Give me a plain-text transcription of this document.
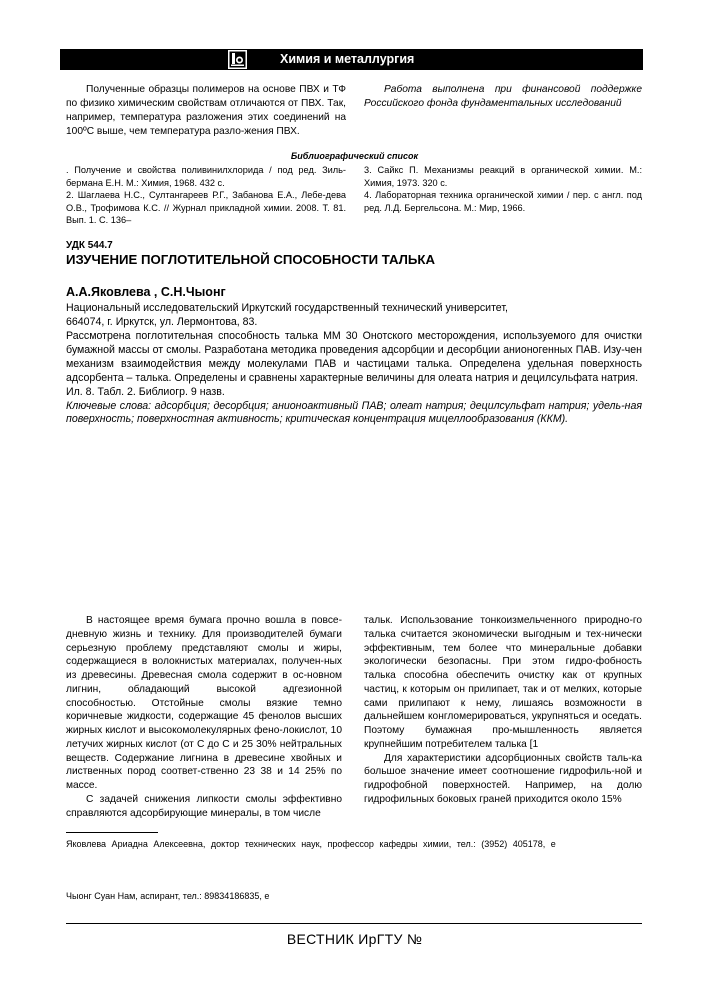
Химия и металлургия

Полученные образцы полимеров на основе ПВХ и ТФ по физико химическим свойствам отличаются от ПВХ. Так, например, температура разложения этих соединений на 100ºС выше, чем температура разло-жения ПВХ.

Работа выполнена при финансовой поддержке Российского фонда фундаментальных исследований

Библиографический список

. Получение и свойства поливинилхлорида / под ред. Зиль-бермана Е.Н. М.: Химия, 1968. 432 с.

2. Шаглаева Н.С., Султангареев Р.Г., Забанова Е.А., Лебе-дева О.В., Трофимова К.С. // Журнал прикладной химии. 2008. Т. 81. Вып. 1. С. 136–

3. Сайкс П. Механизмы реакций в органической химии. М.: Химия, 1973. 320 с.

4. Лабораторная техника органической химии / пер. с англ. под ред. Л.Д. Бергельсона. М.: Мир, 1966.

УДК 544.7
ИЗУЧЕНИЕ ПОГЛОТИТЕЛЬНОЙ СПОСОБНОСТИ ТАЛЬКА
А.А.Яковлева , С.Н.Чыонг

Национальный исследовательский Иркутский государственный технический университет,

664074, г. Иркутск, ул. Лермонтова, 83.

Рассмотрена поглотительная способность талька ММ 30 Онотского месторождения, используемого для очистки бумажной массы от смолы. Разработана методика проведения адсорбции и десорбции анионогенных ПАВ. Изу-чен механизм взаимодействия между молекулами ПАВ и частицами талька. Определена удельная поверхность адсорбента – талька. Определены и сравнены характерные величины для олеата натрия и децилсульфата натрия.

Ил. 8. Табл. 2. Библиогр. 9 назв.

Ключевые слова: адсорбция; десорбция; анионоактивный ПАВ; олеат натрия; децилсульфат натрия; удель-ная поверхность; поверхностная активность; критическая концентрация мицеллообразования (ККМ).

В настоящее время бумага прочно вошла в повсе-дневную жизнь и технику. Для производителей бумаги серьезную проблему представляют смолы и жиры, содержащиеся в волокнистых материалах, получен-ных из древесины. Древесная смола содержит в ос-новном лигнин, обладающий высокой адгезионной способностью. Отстойные смолы вязкие темно коричневые жидкости, содержащие 45 фенолов высших жирных кислот и высокомолекулярных фено-локислот, 10 летучих жирных кислот (от С до С и 25 30% нейтральных веществ. Содержание лигнина в древесине хвойных и лиственных пород соответ-ственно 23 38 и 14 25% по массе.

С задачей снижения липкости смолы эффективно справляются адсорбирующие минералы, в том числе

тальк. Использование тонкоизмельченного природно-го талька считается экономически выгодным и тех-нически эффективным, тем более что минеральные добавки экологически безопасны. При этом гидро-фобность талька способна обеспечить очистку как от крупных частиц, к которым он прилипает, так и от мелких, которые сами прилипают к нему, лишаясь возможности в дальнейшем конгломерироваться, укрупняться и оседать. Поэтому бумажная про-мышленность является крупнейшим потребителем талька [1

Для характеристики адсорбционных свойств таль-ка большое значение имеет соотношение гидрофиль-ной и гидрофобной поверхностей. Например, на долю гидрофильных боковых граней приходится около 15%

Яковлева Ариадна Алексеевна, доктор технических наук, профессор кафедры химии, тел.: (3952) 405178, е
Чыонг Суан Нам, аспирант, тел.: 89834186835, е
ВЕСТНИК ИрГТУ №
